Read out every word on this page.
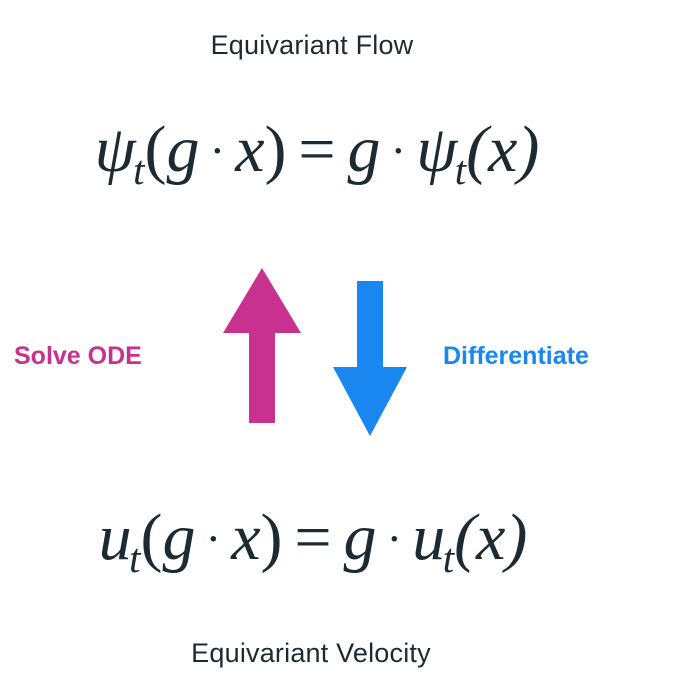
Equivariant Flow
ψt(g · x) = g · ψt(x)
Solve ODE	Differentiate
ut(g · x) = g · ut(x)
Equivariant Velocity
